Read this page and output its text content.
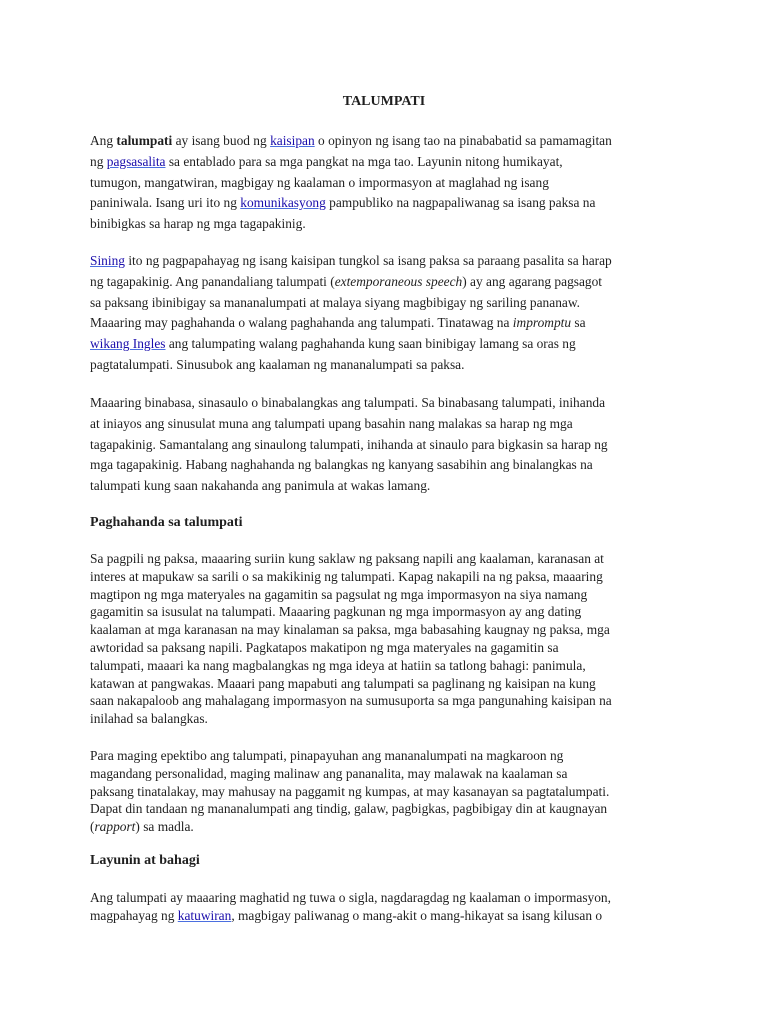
TALUMPATI
Ang talumpati ay isang buod ng kaisipan o opinyon ng isang tao na pinababatid sa pamamagitan
ng pagsasalita sa entablado para sa mga pangkat na mga tao. Layunin nitong humikayat,
tumugon, mangatwiran, magbigay ng kaalaman o impormasyon at maglahad ng isang
paniniwala. Isang uri ito ng komunikasyong pampubliko na nagpapaliwanag sa isang paksa na
binibigkas sa harap ng mga tagapakinig.
Sining ito ng pagpapahayag ng isang kaisipan tungkol sa isang paksa sa paraang pasalita sa harap
ng tagapakinig. Ang panandaliang talumpati (extemporaneous speech) ay ang agarang pagsagot
sa paksang ibinibigay sa mananalumpati at malaya siyang magbibigay ng sariling pananaw.
Maaaring may paghahanda o walang paghahanda ang talumpati. Tinatawag na impromptu sa
wikang Ingles ang talumpating walang paghahanda kung saan binibigay lamang sa oras ng
pagtatalumpati. Sinusubok ang kaalaman ng mananalumpati sa paksa.
Maaaring binabasa, sinasaulo o binabalangkas ang talumpati. Sa binabasang talumpati, inihanda
at iniayos ang sinusulat muna ang talumpati upang basahin nang malakas sa harap ng mga
tagapakinig. Samantalang ang sinaulong talumpati, inihanda at sinaulo para bigkasin sa harap ng
mga tagapakinig. Habang naghahanda ng balangkas ng kanyang sasabihin ang binalangkas na
talumpati kung saan nakahanda ang panimula at wakas lamang.
Paghahanda sa talumpati
Sa pagpili ng paksa, maaaring suriin kung saklaw ng paksang napili ang kaalaman, karanasan at
interes at mapukaw sa sarili o sa makikinig ng talumpati. Kapag nakapili na ng paksa, maaaring
magtipon ng mga materyales na gagamitin sa pagsulat ng mga impormasyon na siya namang
gagamitin sa isusulat na talumpati. Maaaring pagkunan ng mga impormasyon ay ang dating
kaalaman at mga karanasan na may kinalaman sa paksa, mga babasahing kaugnay ng paksa, mga
awtoridad sa paksang napili. Pagkatapos makatipon ng mga materyales na gagamitin sa
talumpati, maaari ka nang magbalangkas ng mga ideya at hatiin sa tatlong bahagi: panimula,
katawan at pangwakas. Maaari pang mapabuti ang talumpati sa paglinang ng kaisipan na kung
saan nakapaloob ang mahalagang impormasyon na sumusuporta sa mga pangunahing kaisipan na
inilahad sa balangkas.
Para maging epektibo ang talumpati, pinapayuhan ang mananalumpati na magkaroon ng
magandang personalidad, maging malinaw ang pananalita, may malawak na kaalaman sa
paksang tinatalakay, may mahusay na paggamit ng kumpas, at may kasanayan sa pagtatalumpati.
Dapat din tandaan ng mananalumpati ang tindig, galaw, pagbigkas, pagbibigay din at kaugnayan
(rapport) sa madla.
Layunin at bahagi
Ang talumpati ay maaaring maghatid ng tuwa o sigla, nagdaragdag ng kaalaman o impormasyon,
magpahayag ng katuwiran, magbigay paliwanag o mang-akit o mang-hikayat sa isang kilusan o
